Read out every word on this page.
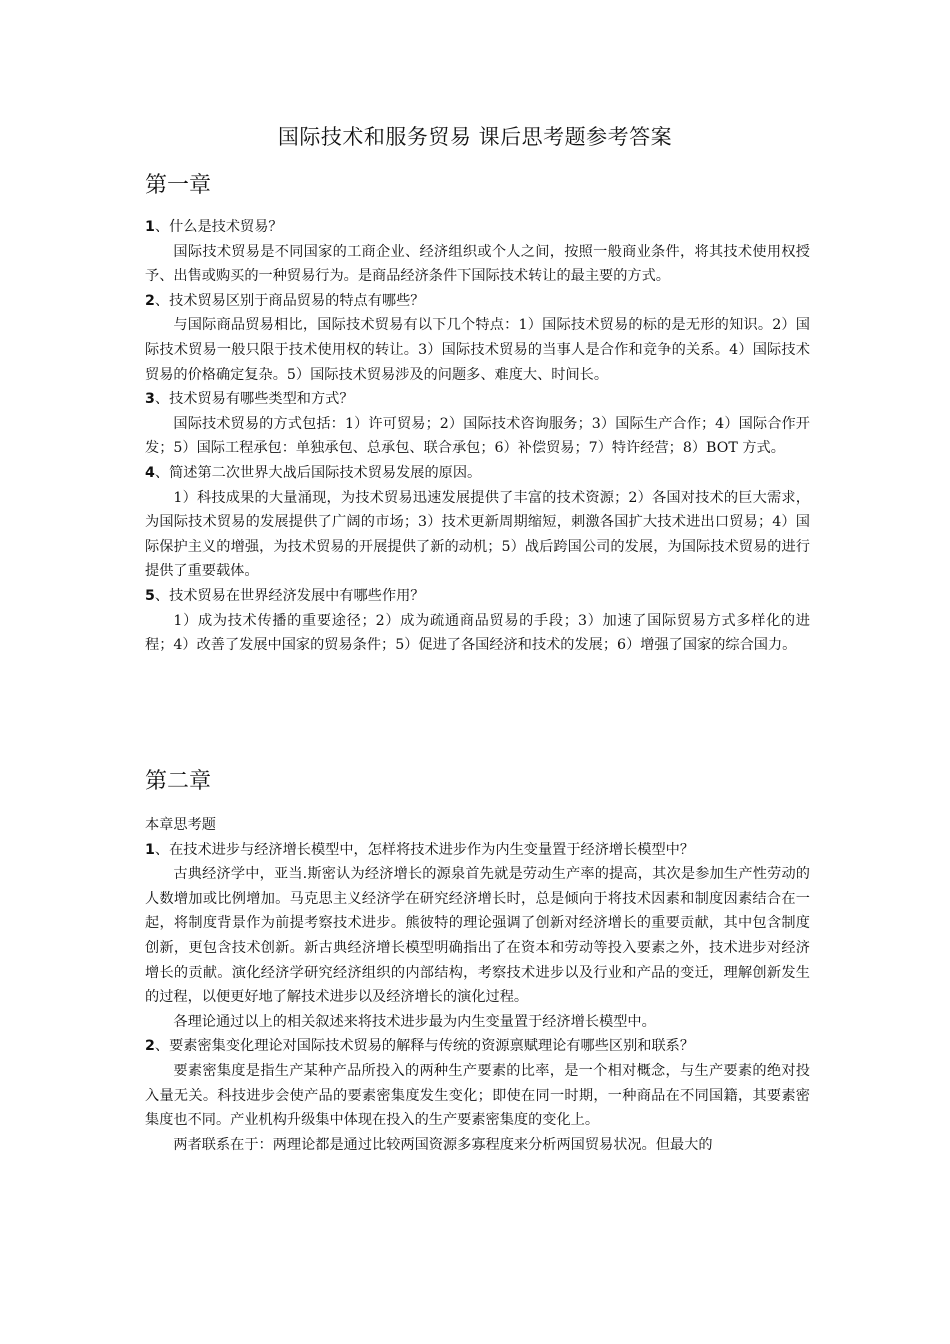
国际技术和服务贸易 课后思考题参考答案
第一章

1、什么是技术贸易？

国际技术贸易是不同国家的工商企业、经济组织或个人之间，按照一般商业条件，将其技术使用权授予、出售或购买的一种贸易行为。是商品经济条件下国际技术转让的最主要的方式。

2、技术贸易区别于商品贸易的特点有哪些？

与国际商品贸易相比，国际技术贸易有以下几个特点：1）国际技术贸易的标的是无形的知识。2）国际技术贸易一般只限于技术使用权的转让。3）国际技术贸易的当事人是合作和竞争的关系。4）国际技术贸易的价格确定复杂。5）国际技术贸易涉及的问题多、难度大、时间长。

3、技术贸易有哪些类型和方式？

国际技术贸易的方式包括：1）许可贸易；2）国际技术咨询服务；3）国际生产合作；4）国际合作开发；5）国际工程承包：单独承包、总承包、联合承包；6）补偿贸易；7）特许经营；8）BOT 方式。

4、简述第二次世界大战后国际技术贸易发展的原因。

1）科技成果的大量涌现，为技术贸易迅速发展提供了丰富的技术资源；2）各国对技术的巨大需求，为国际技术贸易的发展提供了广阔的市场；3）技术更新周期缩短，刺激各国扩大技术进出口贸易；4）国际保护主义的增强，为技术贸易的开展提供了新的动机；5）战后跨国公司的发展，为国际技术贸易的进行提供了重要载体。

5、技术贸易在世界经济发展中有哪些作用？

1）成为技术传播的重要途径；2）成为疏通商品贸易的手段；3）加速了国际贸易方式多样化的进程；4）改善了发展中国家的贸易条件；5）促进了各国经济和技术的发展；6）增强了国家的综合国力。

第二章

本章思考题

1、在技术进步与经济增长模型中，怎样将技术进步作为内生变量置于经济增长模型中？

古典经济学中，亚当.斯密认为经济增长的源泉首先就是劳动生产率的提高，其次是参加生产性劳动的人数增加或比例增加。马克思主义经济学在研究经济增长时，总是倾向于将技术因素和制度因素结合在一起，将制度背景作为前提考察技术进步。熊彼特的理论强调了创新对经济增长的重要贡献，其中包含制度创新，更包含技术创新。新古典经济增长模型明确指出了在资本和劳动等投入要素之外，技术进步对经济增长的贡献。演化经济学研究经济组织的内部结构，考察技术进步以及行业和产品的变迁，理解创新发生的过程，以便更好地了解技术进步以及经济增长的演化过程。

各理论通过以上的相关叙述来将技术进步最为内生变量置于经济增长模型中。

2、要素密集变化理论对国际技术贸易的解释与传统的资源禀赋理论有哪些区别和联系？

要素密集度是指生产某种产品所投入的两种生产要素的比率，是一个相对概念，与生产要素的绝对投入量无关。科技进步会使产品的要素密集度发生变化；即使在同一时期，一种商品在不同国籍，其要素密集度也不同。产业机构升级集中体现在投入的生产要素密集度的变化上。

两者联系在于：两理论都是通过比较两国资源多寡程度来分析两国贸易状况。但最大的
